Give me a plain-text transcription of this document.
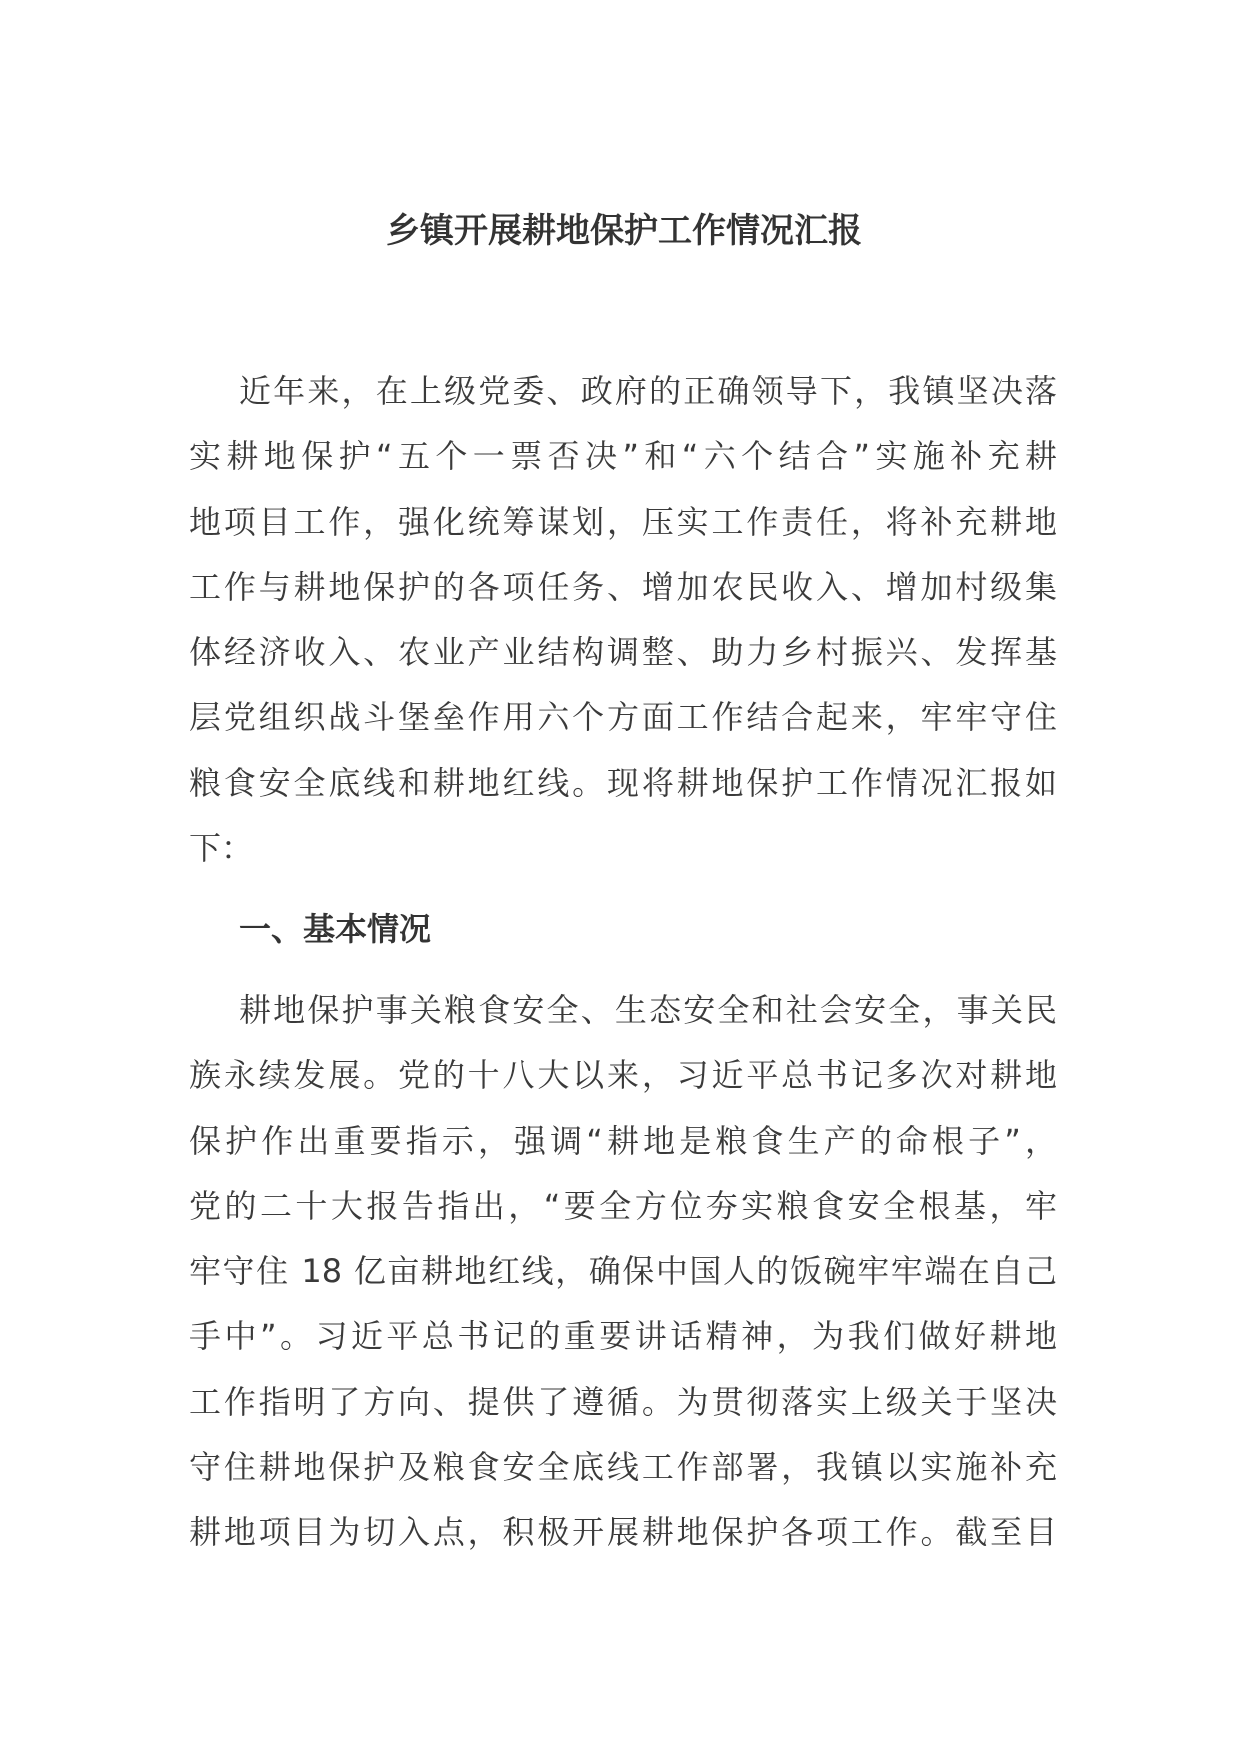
乡镇开展耕地保护工作情况汇报
近年来，在上级党委、政府的正确领导下，我镇坚决落
实耕地保护“五个一票否决”和“六个结合”实施补充耕
地项目工作，强化统筹谋划，压实工作责任，将补充耕地
工作与耕地保护的各项任务、增加农民收入、增加村级集
体经济收入、农业产业结构调整、助力乡村振兴、发挥基
层党组织战斗堡垒作用六个方面工作结合起来，牢牢守住
粮食安全底线和耕地红线。现将耕地保护工作情况汇报如
下：
一、基本情况
耕地保护事关粮食安全、生态安全和社会安全，事关民
族永续发展。党的十八大以来，习近平总书记多次对耕地
保护作出重要指示，强调“耕地是粮食生产的命根子”，
党的二十大报告指出，“要全方位夯实粮食安全根基，牢
牢守住 18 亿亩耕地红线，确保中国人的饭碗牢牢端在自己
手中”。习近平总书记的重要讲话精神，为我们做好耕地
工作指明了方向、提供了遵循。为贯彻落实上级关于坚决
守住耕地保护及粮食安全底线工作部署，我镇以实施补充
耕地项目为切入点，积极开展耕地保护各项工作。截至目
